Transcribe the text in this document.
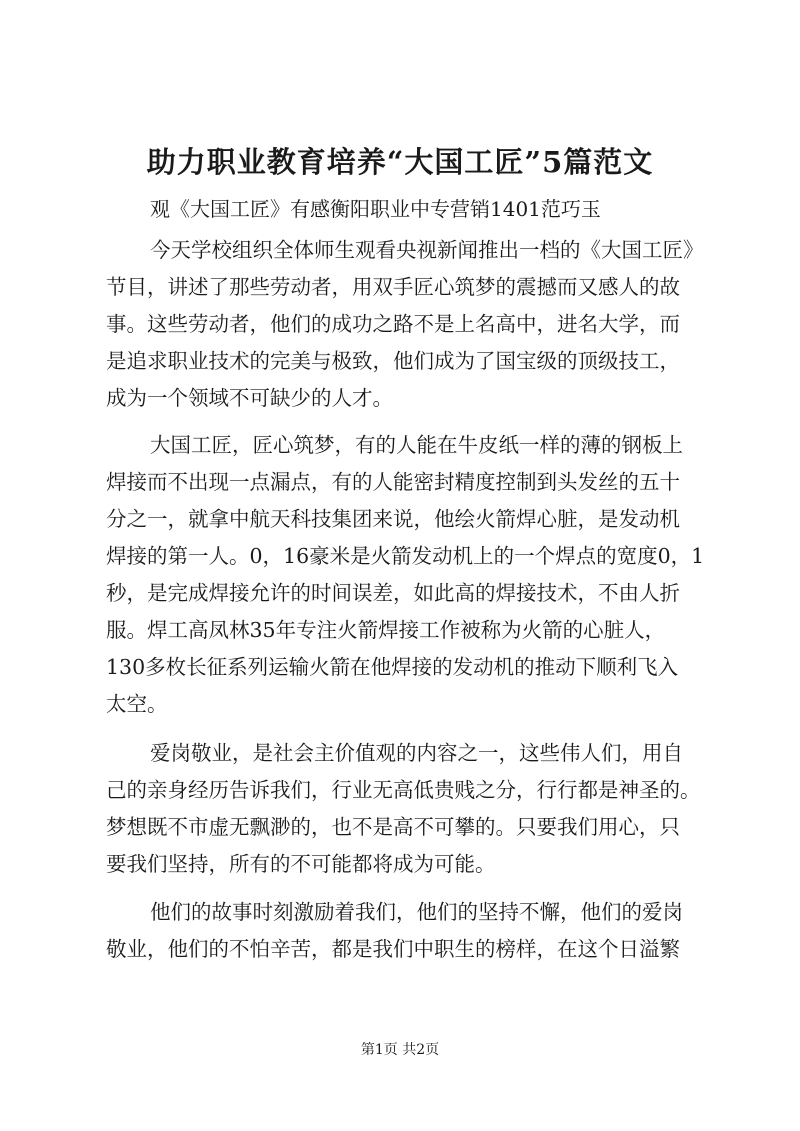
助力职业教育培养“大国工匠”5篇范文
观《大国工匠》有感衡阳职业中专营销1401范巧玉
今天学校组织全体师生观看央视新闻推出一档的《大国工匠》
节目，讲述了那些劳动者，用双手匠心筑梦的震撼而又感人的故
事。这些劳动者，他们的成功之路不是上名高中，进名大学，而
是追求职业技术的完美与极致，他们成为了国宝级的顶级技工，
成为一个领域不可缺少的人才。
大国工匠，匠心筑梦，有的人能在牛皮纸一样的薄的钢板上
焊接而不出现一点漏点，有的人能密封精度控制到头发丝的五十
分之一，就拿中航天科技集团来说，他绘火箭焊心脏，是发动机
焊接的第一人。0，16豪米是火箭发动机上的一个焊点的宽度0，1
秒，是完成焊接允许的时间误差，如此高的焊接技术，不由人折
服。焊工高凤林35年专注火箭焊接工作被称为火箭的心脏人，
130多枚长征系列运输火箭在他焊接的发动机的推动下顺利飞入
太空。
爱岗敬业，是社会主价值观的内容之一，这些伟人们，用自
己的亲身经历告诉我们，行业无高低贵贱之分，行行都是神圣的。
梦想既不市虚无飘渺的，也不是高不可攀的。只要我们用心，只
要我们坚持，所有的不可能都将成为可能。
他们的故事时刻激励着我们，他们的坚持不懈，他们的爱岗
敬业，他们的不怕辛苦，都是我们中职生的榜样，在这个日溢繁
第1页 共2页
